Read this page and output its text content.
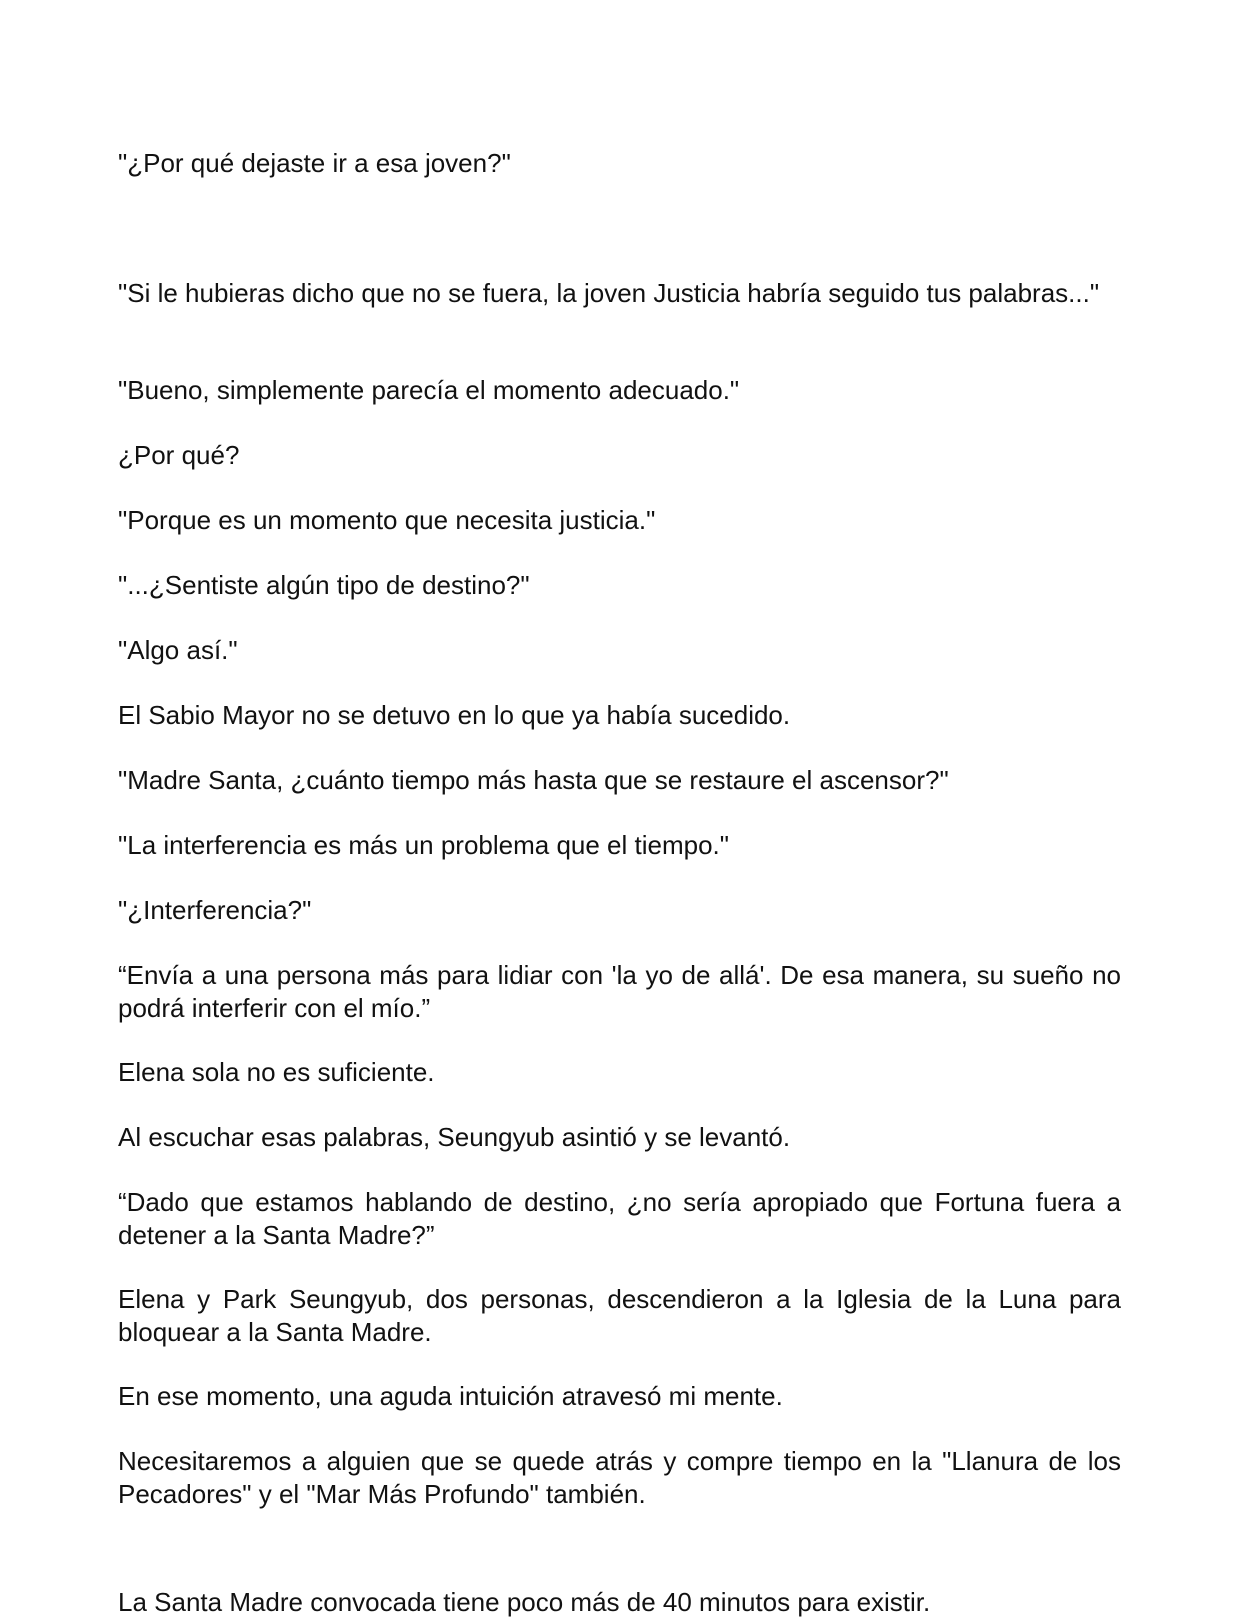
"¿Por qué dejaste ir a esa joven?"

"Si le hubieras dicho que no se fuera, la joven Justicia habría seguido tus palabras..."

"Bueno, simplemente parecía el momento adecuado."

¿Por qué?

"Porque es un momento que necesita justicia."

"...¿Sentiste algún tipo de destino?"

"Algo así."

El Sabio Mayor no se detuvo en lo que ya había sucedido.

"Madre Santa, ¿cuánto tiempo más hasta que se restaure el ascensor?"

"La interferencia es más un problema que el tiempo."

"¿Interferencia?"

“Envía a una persona más para lidiar con 'la yo de allá'. De esa manera, su sueño no podrá interferir con el mío.”

Elena sola no es suficiente.

Al escuchar esas palabras, Seungyub asintió y se levantó.

“Dado que estamos hablando de destino, ¿no sería apropiado que Fortuna fuera a detener a la Santa Madre?”

Elena y Park Seungyub, dos personas, descendieron a la Iglesia de la Luna para bloquear a la Santa Madre.

En ese momento, una aguda intuición atravesó mi mente.

Necesitaremos a alguien que se quede atrás y compre tiempo en la "Llanura de los Pecadores" y el "Mar Más Profundo" también.

La Santa Madre convocada tiene poco más de 40 minutos para existir.
